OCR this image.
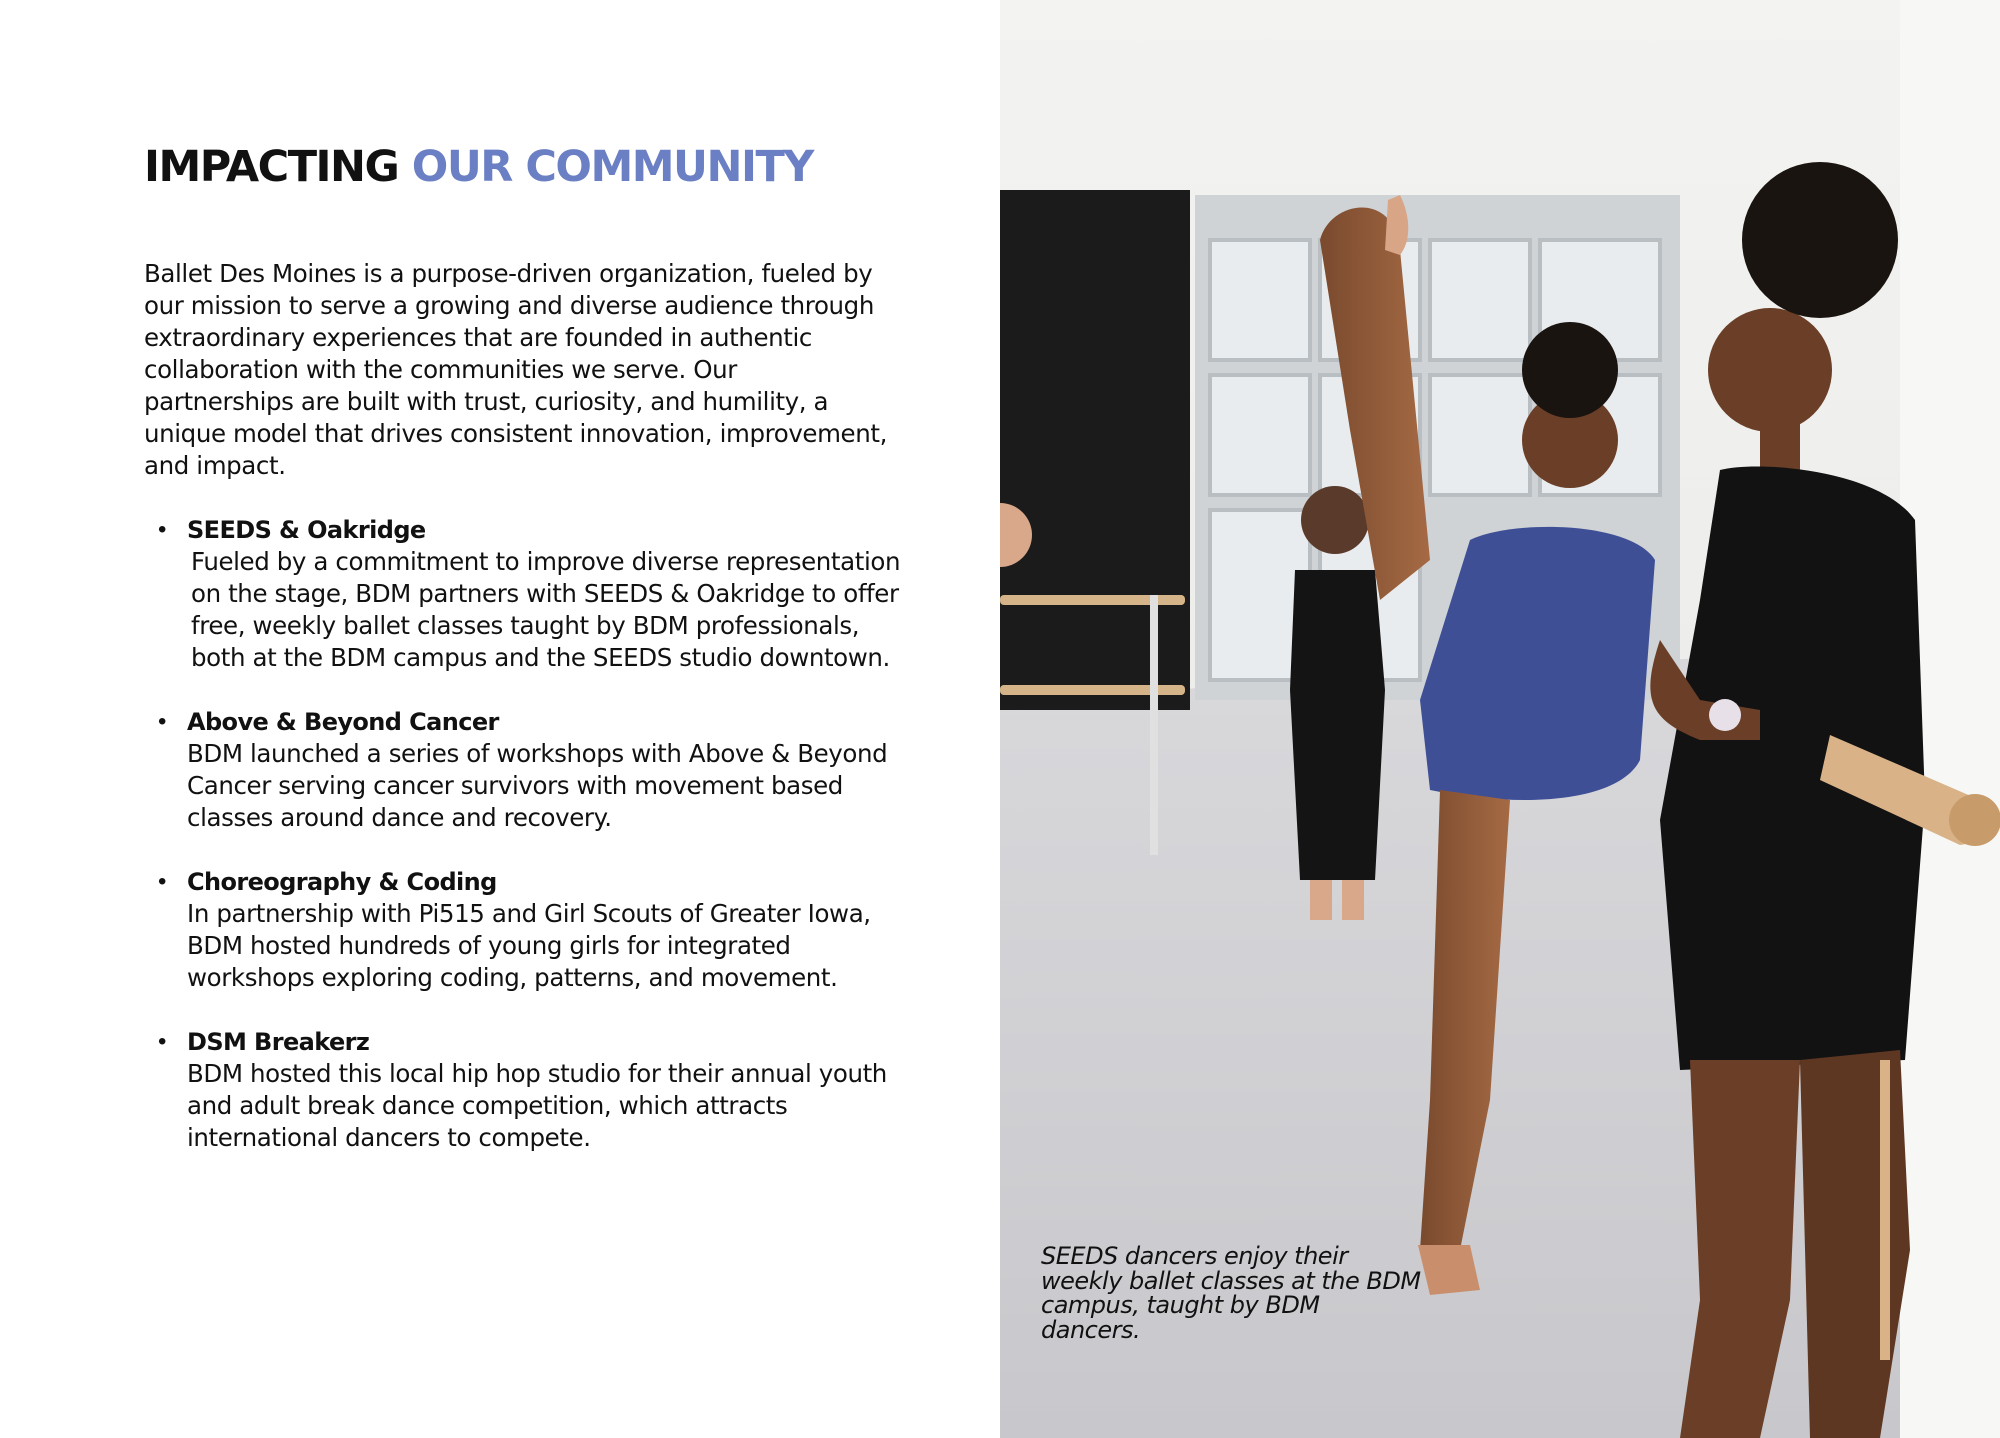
IMPACTING OUR COMMUNITY

Ballet Des Moines is a purpose-driven organization, fueled by our mission to serve a growing and diverse audience through extraordinary experiences that are founded in authentic collaboration with the communities we serve. Our partnerships are built with trust, curiosity, and humility, a unique model that drives consistent innovation, improvement, and impact.

• SEEDS & Oakridge

Fueled by a commitment to improve diverse representation on the stage, BDM partners with SEEDS & Oakridge to offer free, weekly ballet classes taught by BDM professionals, both at the BDM campus and the SEEDS studio downtown.

• Above & Beyond Cancer

BDM launched a series of workshops with Above & Beyond Cancer serving cancer survivors with movement based classes around dance and recovery.

• Choreography & Coding

In partnership with Pi515 and Girl Scouts of Greater Iowa, BDM hosted hundreds of young girls for integrated workshops exploring coding, patterns, and movement.

• DSM Breakerz

BDM hosted this local hip hop studio for their annual youth and adult break dance competition, which attracts international dancers to compete.

SEEDS dancers enjoy their weekly ballet classes at the BDM campus, taught by BDM dancers.
